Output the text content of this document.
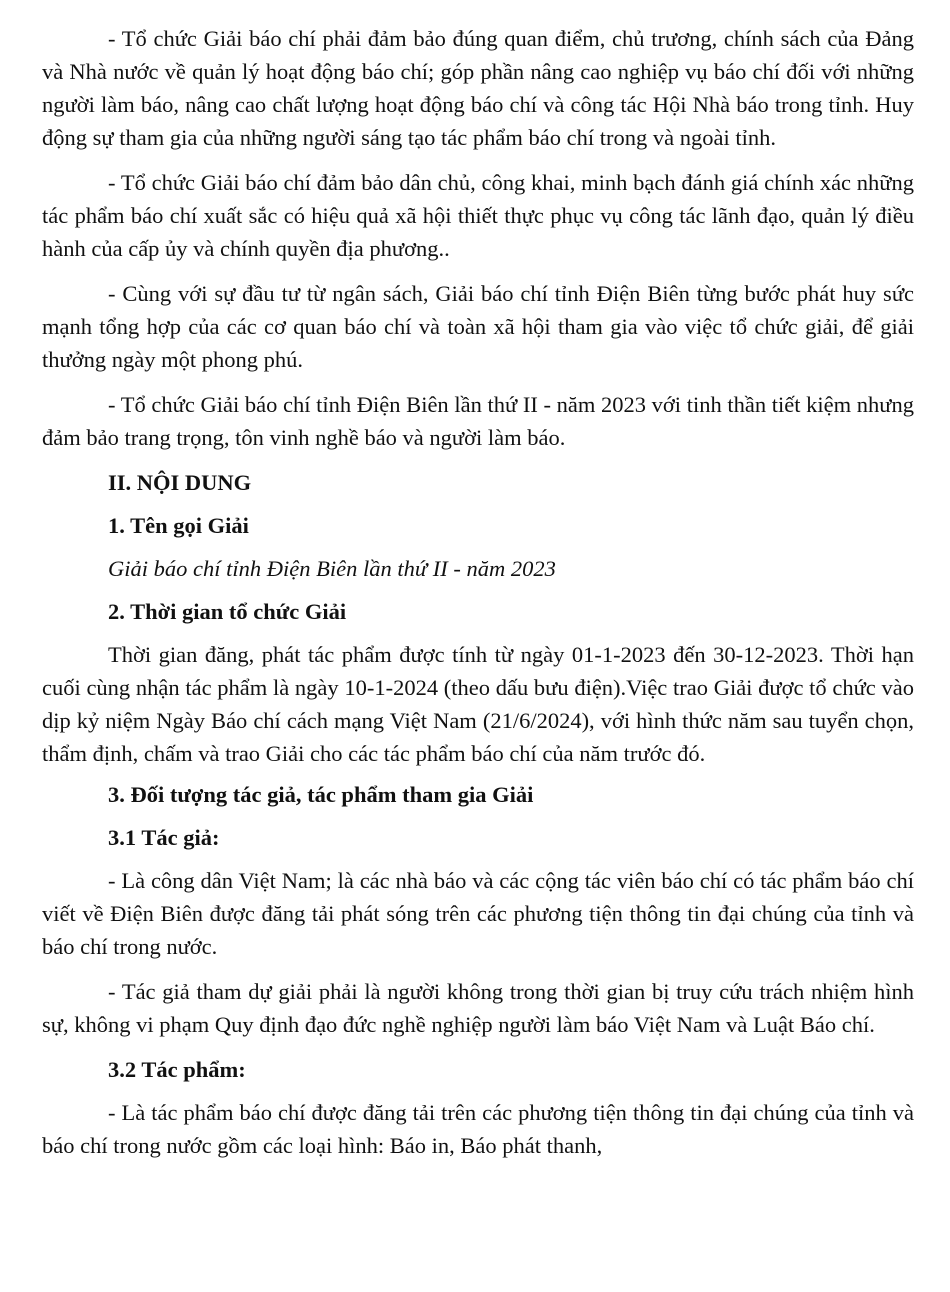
- Tổ chức Giải báo chí phải đảm bảo đúng quan điểm, chủ trương, chính sách của Đảng và Nhà nước về quản lý hoạt động báo chí; góp phần nâng cao nghiệp vụ báo chí đối với những người làm báo, nâng cao chất lượng hoạt động báo chí và công tác Hội Nhà báo trong tỉnh. Huy động sự tham gia của những người sáng tạo tác phẩm báo chí trong và ngoài tỉnh.

- Tổ chức Giải báo chí đảm bảo dân chủ, công khai, minh bạch đánh giá chính xác những tác phẩm báo chí xuất sắc có hiệu quả xã hội thiết thực phục vụ công tác lãnh đạo, quản lý điều hành của cấp ủy và chính quyền địa phương..

- Cùng với sự đầu tư từ ngân sách, Giải báo chí tỉnh Điện Biên từng bước phát huy sức mạnh tổng hợp của các cơ quan báo chí và toàn xã hội tham gia vào việc tổ chức giải, để giải thưởng ngày một phong phú.

- Tổ chức Giải báo chí tỉnh Điện Biên lần thứ II - năm 2023 với tinh thần tiết kiệm nhưng đảm bảo trang trọng, tôn vinh nghề báo và người làm báo.

II. NỘI DUNG
1. Tên gọi Giải
Giải báo chí tỉnh Điện Biên lần thứ II - năm 2023
2. Thời gian tổ chức Giải

Thời gian đăng, phát tác phẩm được tính từ ngày 01-1-2023 đến 30-12-2023. Thời hạn cuối cùng nhận tác phẩm là ngày 10-1-2024 (theo dấu bưu điện).Việc trao Giải được tổ chức vào dịp kỷ niệm Ngày Báo chí cách mạng Việt Nam (21/6/2024), với hình thức năm sau tuyển chọn, thẩm định, chấm và trao Giải cho các tác phẩm báo chí của năm trước đó.

3. Đối tượng tác giả, tác phẩm tham gia Giải
3.1 Tác giả:

- Là công dân Việt Nam; là các nhà báo và các cộng tác viên báo chí có tác phẩm báo chí viết về Điện Biên được đăng tải phát sóng trên các phương tiện thông tin đại chúng của tỉnh và báo chí trong nước.

- Tác giả tham dự giải phải là người không trong thời gian bị truy cứu trách nhiệm hình sự, không vi phạm Quy định đạo đức nghề nghiệp người làm báo Việt Nam và Luật Báo chí.

3.2 Tác phẩm:

- Là tác phẩm báo chí được đăng tải trên các phương tiện thông tin đại chúng của tỉnh và báo chí trong nước gồm các loại hình: Báo in, Báo phát thanh,
